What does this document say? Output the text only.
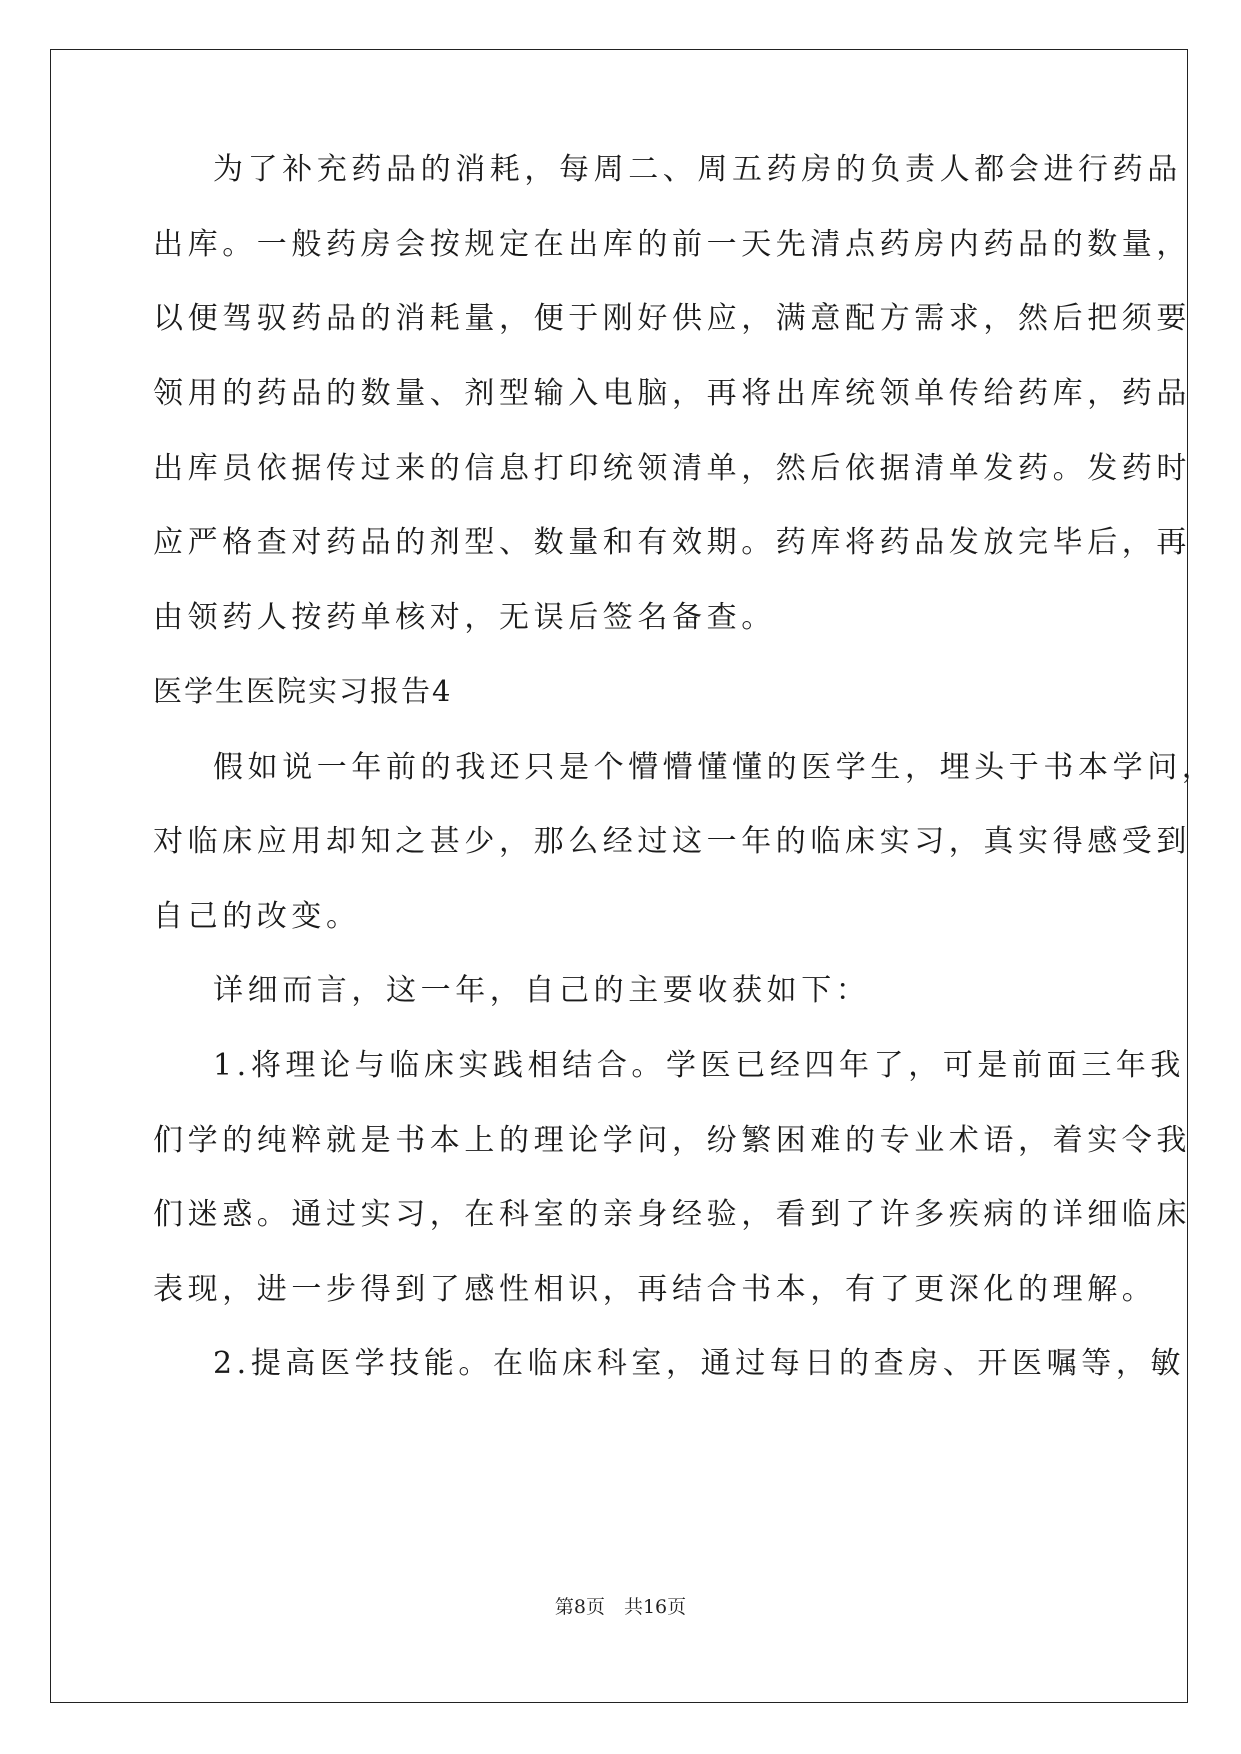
为了补充药品的消耗，每周二、周五药房的负责人都会进行药品
出库。一般药房会按规定在出库的前一天先清点药房内药品的数量，
以便驾驭药品的消耗量，便于刚好供应，满意配方需求，然后把须要
领用的药品的数量、剂型输入电脑，再将出库统领单传给药库，药品
出库员依据传过来的信息打印统领清单，然后依据清单发药。发药时
应严格查对药品的剂型、数量和有效期。药库将药品发放完毕后，再
由领药人按药单核对，无误后签名备查。
医学生医院实习报告4
假如说一年前的我还只是个懵懵懂懂的医学生，埋头于书本学问，
对临床应用却知之甚少，那么经过这一年的临床实习，真实得感受到
自己的改变。
详细而言，这一年，自己的主要收获如下：
1.将理论与临床实践相结合。学医已经四年了，可是前面三年我
们学的纯粹就是书本上的理论学问，纷繁困难的专业术语，着实令我
们迷惑。通过实习，在科室的亲身经验，看到了许多疾病的详细临床
表现，进一步得到了感性相识，再结合书本，有了更深化的理解。
2.提高医学技能。在临床科室，通过每日的查房、开医嘱等，敏
第8页　共16页
